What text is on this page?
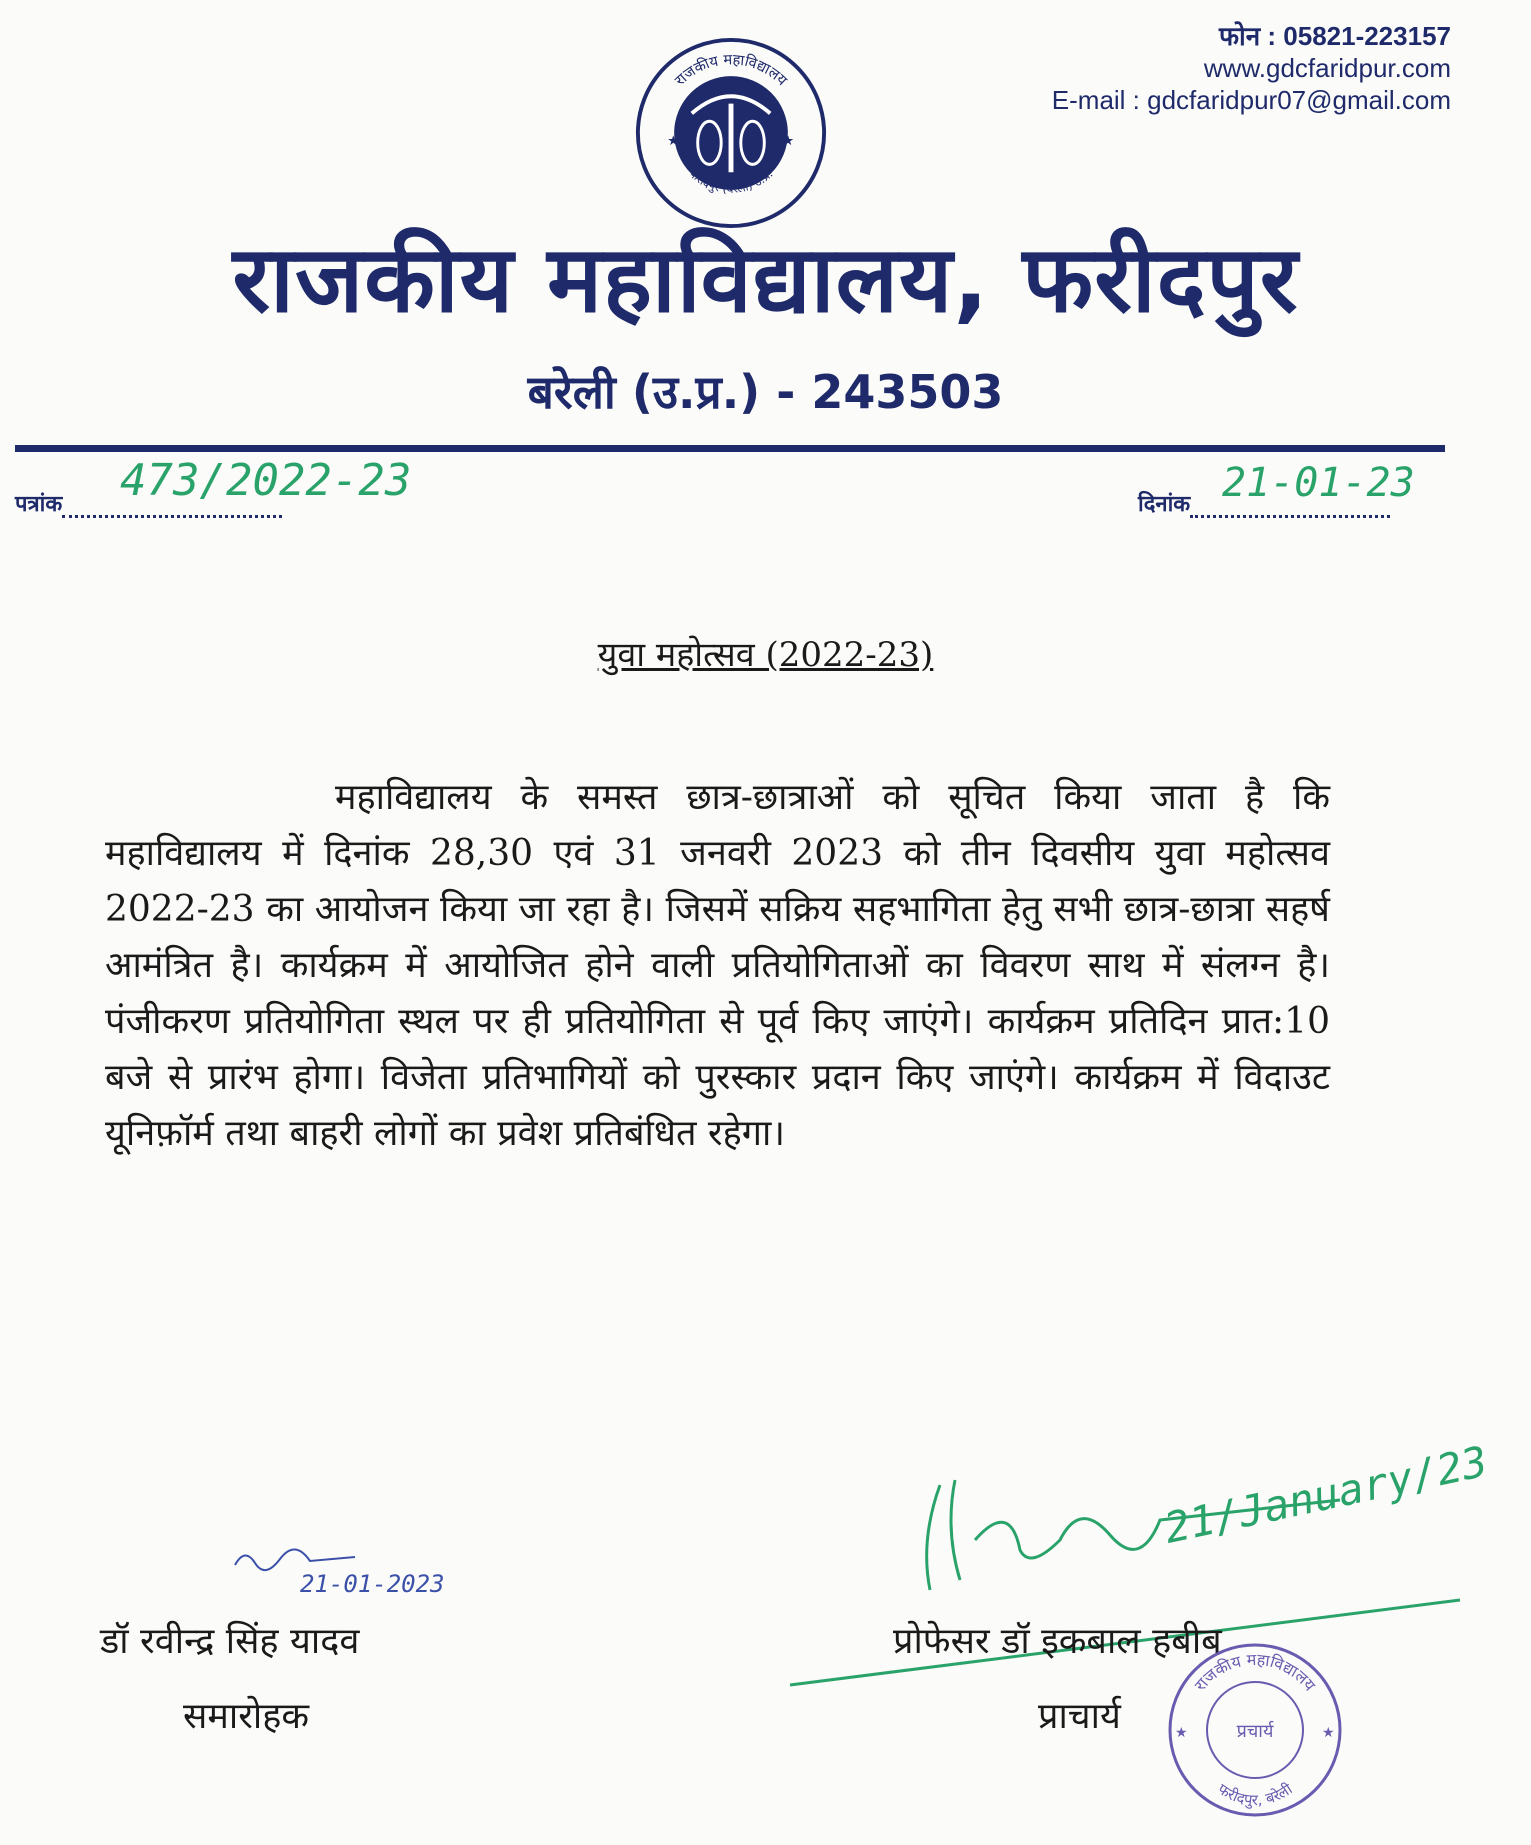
फोन : 05821-223157
www.gdcfaridpur.com
E-mail : gdcfaridpur07@gmail.com
राजकीय महाविद्यालय
फरीदपुर (बरेली) उ.प्र.
★	★
राजकीय महाविद्यालय, फरीदपुर
बरेली (उ.प्र.) - 243503
पत्रांक	473/2022-23	दिनांक 21-01-23
युवा महोत्सव (2022-23)
महाविद्यालय के समस्त छात्र-छात्राओं को सूचित किया जाता है कि महाविद्यालय में दिनांक 28,30 एवं 31 जनवरी 2023 को तीन दिवसीय युवा महोत्सव 2022-23 का आयोजन किया जा रहा है। जिसमें सक्रिय सहभागिता हेतु सभी छात्र-छात्रा सहर्ष आमंत्रित है। कार्यक्रम में आयोजित होने वाली प्रतियोगिताओं का विवरण साथ में संलग्न है। पंजीकरण प्रतियोगिता स्थल पर ही प्रतियोगिता से पूर्व किए जाएंगे। कार्यक्रम प्रतिदिन प्रात:10 बजे से प्रारंभ होगा। विजेता प्रतिभागियों को पुरस्कार प्रदान किए जाएंगे। कार्यक्रम में विदाउट यूनिफ़ॉर्म तथा बाहरी लोगों का प्रवेश प्रतिबंधित रहेगा।
21-01-2023
डॉ रवीन्द्र सिंह यादव
समारोहक
21/January/23
प्रोफेसर डॉ इकबाल हबीब
प्राचार्य
राजकीय महाविद्यालय
प्रचार्य
फरीदपुर, बरेली
★	★
